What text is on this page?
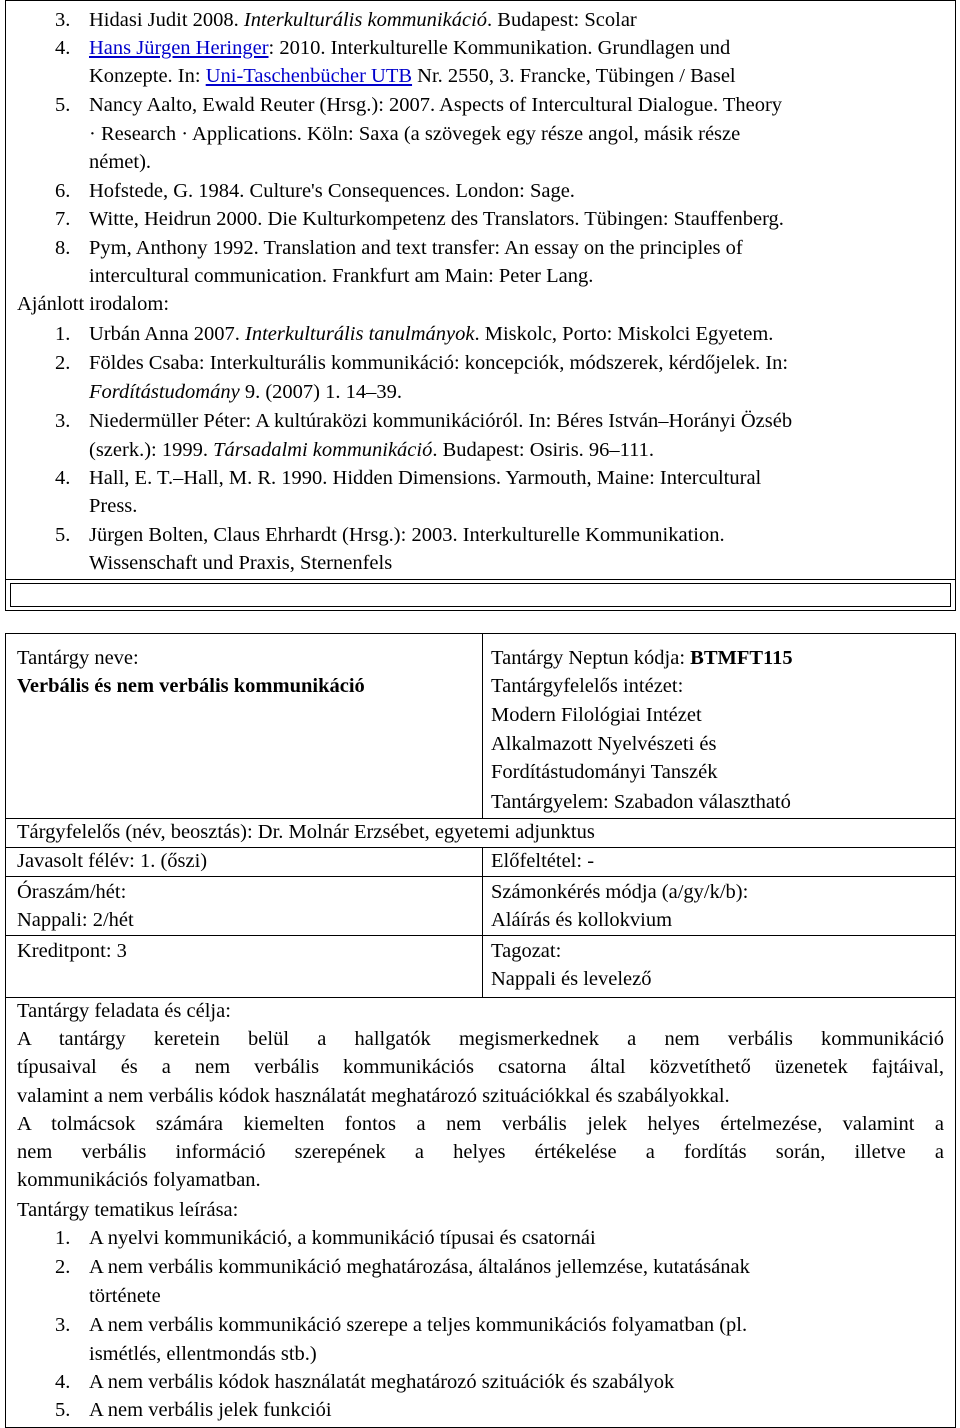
3. Hidasi Judit 2008. Interkulturális kommunikáció. Budapest: Scolar
4. Hans Jürgen Heringer: 2010. Interkulturelle Kommunikation. Grundlagen und
Konzepte. In: Uni-Taschenbücher UTB Nr. 2550, 3. Francke, Tübingen / Basel
5. Nancy Aalto, Ewald Reuter (Hrsg.): 2007. Aspects of Intercultural Dialogue. Theory
· Research · Applications. Köln: Saxa (a szövegek egy része angol, másik része
német).
6. Hofstede, G. 1984. Culture's Consequences. London: Sage.
7. Witte, Heidrun 2000. Die Kulturkompetenz des Translators. Tübingen: Stauffenberg.
8. Pym, Anthony 1992. Translation and text transfer: An essay on the principles of
intercultural communication. Frankfurt am Main: Peter Lang.
Ajánlott irodalom:
1. Urbán Anna 2007. Interkulturális tanulmányok. Miskolc, Porto: Miskolci Egyetem.
2. Földes Csaba: Interkulturális kommunikáció: koncepciók, módszerek, kérdőjelek. In:
Fordítástudomány 9. (2007) 1. 14–39.
3. Niedermüller Péter: A kultúraközi kommunikációról. In: Béres István–Horányi Özséb
(szerk.): 1999. Társadalmi kommunikáció. Budapest: Osiris. 96–111.
4. Hall, E. T.–Hall, M. R. 1990. Hidden Dimensions. Yarmouth, Maine: Intercultural
Press.
5. Jürgen Bolten, Claus Ehrhardt (Hrsg.): 2003. Interkulturelle Kommunikation.
Wissenschaft und Praxis, Sternenfels
Tantárgy neve:
Verbális és nem verbális kommunikáció
Tantárgy Neptun kódja: BTMFT115
Tantárgyfelelős intézet:
Modern Filológiai Intézet
Alkalmazott Nyelvészeti és
Fordítástudományi Tanszék
Tantárgyelem: Szabadon választható
Tárgyfelelős (név, beosztás): Dr. Molnár Erzsébet, egyetemi adjunktus
Javasolt félév: 1. (őszi)	Előfeltétel: -
Óraszám/hét:
Nappali: 2/hét
Számonkérés módja (a/gy/k/b):
Aláírás és kollokvium
Kreditpont: 3	Tagozat:
Nappali és levelező
Tantárgy feladata és célja:
A tantárgy keretein belül a hallgatók megismerkednek a nem verbális kommunikáció
típusaival és a nem verbális kommunikációs csatorna által közvetíthető üzenetek fajtáival,
valamint a nem verbális kódok használatát meghatározó szituációkkal és szabályokkal.
A tolmácsok számára kiemelten fontos a nem verbális jelek helyes értelmezése, valamint a
nem verbális információ szerepének a helyes értékelése a fordítás során, illetve a
kommunikációs folyamatban.
Tantárgy tematikus leírása:
1. A nyelvi kommunikáció, a kommunikáció típusai és csatornái
2. A nem verbális kommunikáció meghatározása, általános jellemzése, kutatásának
története
3. A nem verbális kommunikáció szerepe a teljes kommunikációs folyamatban (pl.
ismétlés, ellentmondás stb.)
4. A nem verbális kódok használatát meghatározó szituációk és szabályok
5. A nem verbális jelek funkciói
